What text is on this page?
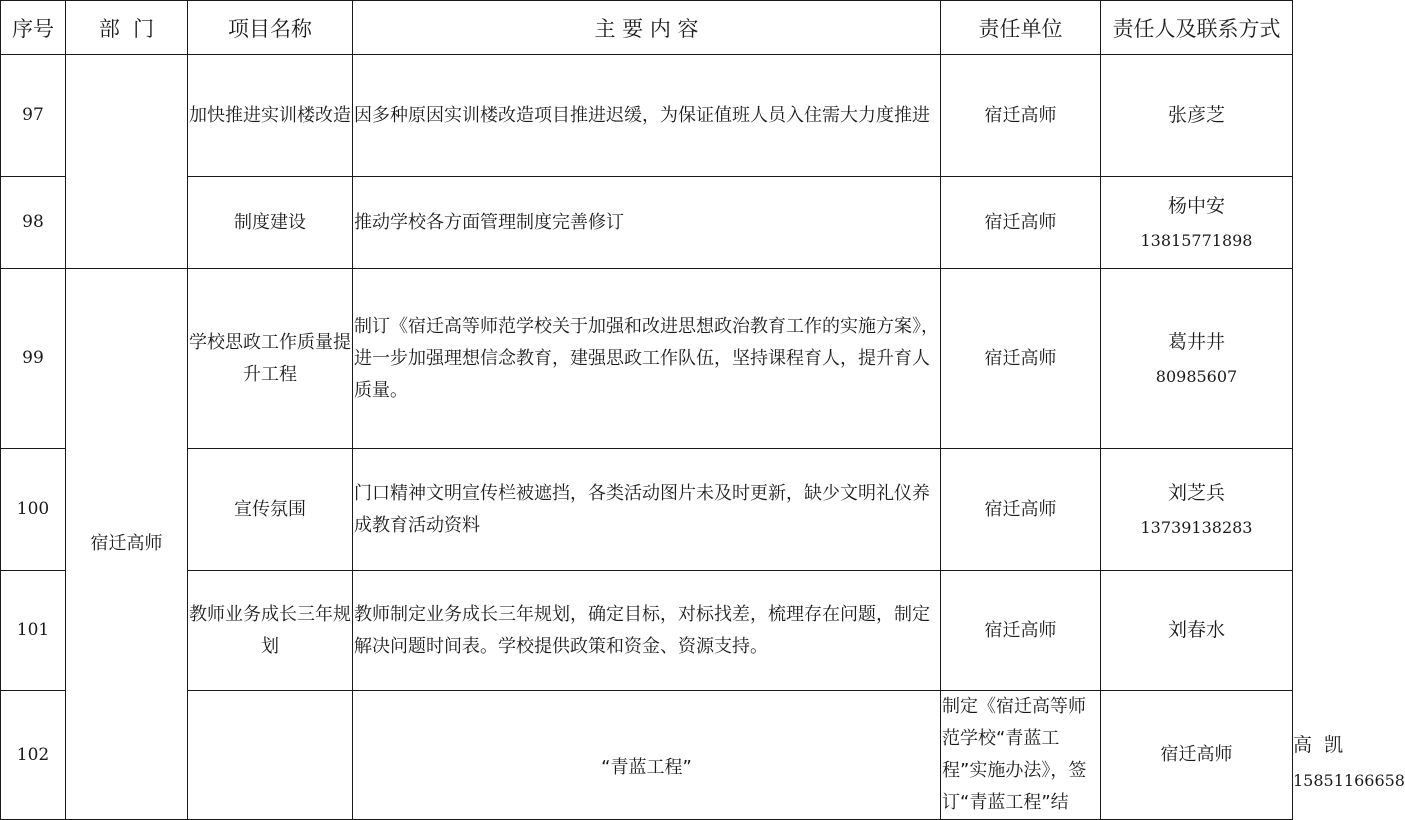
序号	部  门	项目名称	主 要 内 容	责任单位	责任人及联系方式	
97		加快推进实训楼改造	因多种原因实训楼改造项目推进迟缓，为保证值班人员入住需大力度推进	宿迁高师	张彦芝	

98		制度建设	推动学校各方面管理制度完善修订	宿迁高师	杨中安
13815771898	

99	宿迁高师	学校思政工作质量提升工程	制订《宿迁高等师范学校关于加强和改进思想政治教育工作的实施方案》，进一步加强理想信念教育，建强思政工作队伍，坚持课程育人，提升育人质量。	宿迁高师	葛井井
80985607	

100		宣传氛围	门口精神文明宣传栏被遮挡，各类活动图片未及时更新，缺少文明礼仪养成教育活动资料	宿迁高师	刘芝兵
13739138283	

101		教师业务成长三年规划	教师制定业务成长三年规划，确定目标，对标找差，梳理存在问题，制定解决问题时间表。学校提供政策和资金、资源支持。	宿迁高师	刘春水	

102			“青蓝工程”	制定《宿迁高等师范学校“青蓝工程”实施办法》，签订“青蓝工程”结	宿迁高师	高  凯
15851166658
